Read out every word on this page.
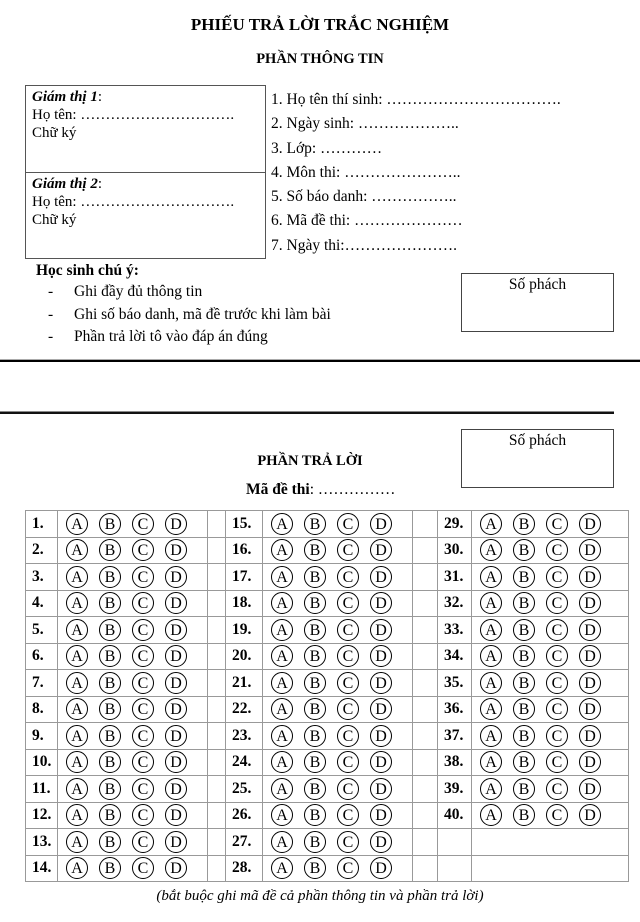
PHIẾU TRẢ LỜI TRẮC NGHIỆM
PHẦN THÔNG TIN
Giám thị 1:
Họ tên: ………………………….
Chữ ký
Giám thị 2:
Họ tên: ………………………….
Chữ ký
1. Họ tên thí sinh: …………………………….
2. Ngày sinh: ………………..
3. Lớp: …………
4. Môn thi: …………………..
5. Số báo danh: ……………..
6. Mã đề thi: …………………
7. Ngày thi:………………….
Học sinh chú ý:
- Ghi đầy đủ thông tin
- Ghi số báo danh, mã đề trước khi làm bài
- Phần trả lời tô vào đáp án đúng
Số phách
Số phách
PHẦN TRẢ LỜI
Mã đề thi: ……………
1.	A B C D		15.	A B C D		29.	A B C D
2.	A B C D		16.	A B C D		30.	A B C D
3.	A B C D		17.	A B C D		31.	A B C D
4.	A B C D		18.	A B C D		32.	A B C D
5.	A B C D		19.	A B C D		33.	A B C D
6.	A B C D		20.	A B C D		34.	A B C D
7.	A B C D		21.	A B C D		35.	A B C D
8.	A B C D		22.	A B C D		36.	A B C D
9.	A B C D		23.	A B C D		37.	A B C D
10.	A B C D		24.	A B C D		38.	A B C D
11.	A B C D		25.	A B C D		39.	A B C D
12.	A B C D		26.	A B C D		40.	A B C D
13.	A B C D		27.	A B C D			
14.	A B C D		28.	A B C D			
(bắt buộc ghi mã đề cả phần thông tin và phần trả lời)
